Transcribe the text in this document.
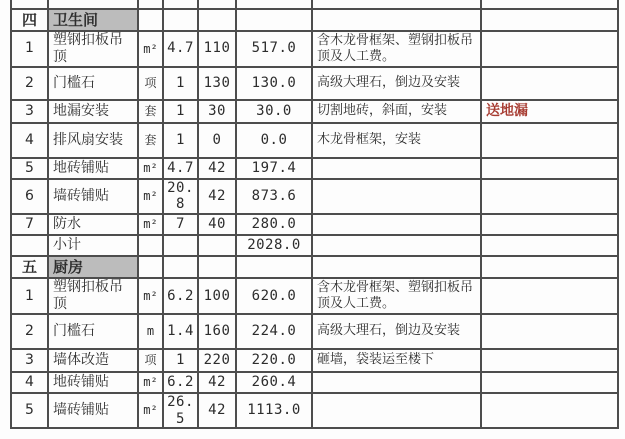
四	卫生间						
1	塑钢扣板吊顶	m²	4.7	110	517.0	含木龙骨框架、塑钢扣板吊顶及人工费。	
2	门槛石	项	1	130	130.0	高级大理石，倒边及安装	
3	地漏安装	套	1	30	30.0	切割地砖，斜面，安装	送地漏
4	排风扇安装	套	1	0	0.0	木龙骨框架，安装	
5	地砖铺贴	m²	4.7	42	197.4		
6	墙砖铺贴	m²	20.8	42	873.6		
7	防水	m²	7	40	280.0		
	小计				2028.0		
五	厨房						
1	塑钢扣板吊顶	m²	6.2	100	620.0	含木龙骨框架、塑钢扣板吊顶及人工费。	
2	门槛石	m	1.4	160	224.0	高级大理石，倒边及安装	
3	墙体改造	项	1	220	220.0	砸墙，袋装运至楼下	
4	地砖铺贴	m²	6.2	42	260.4		
5	墙砖铺贴	m²	26.5	42	1113.0		
